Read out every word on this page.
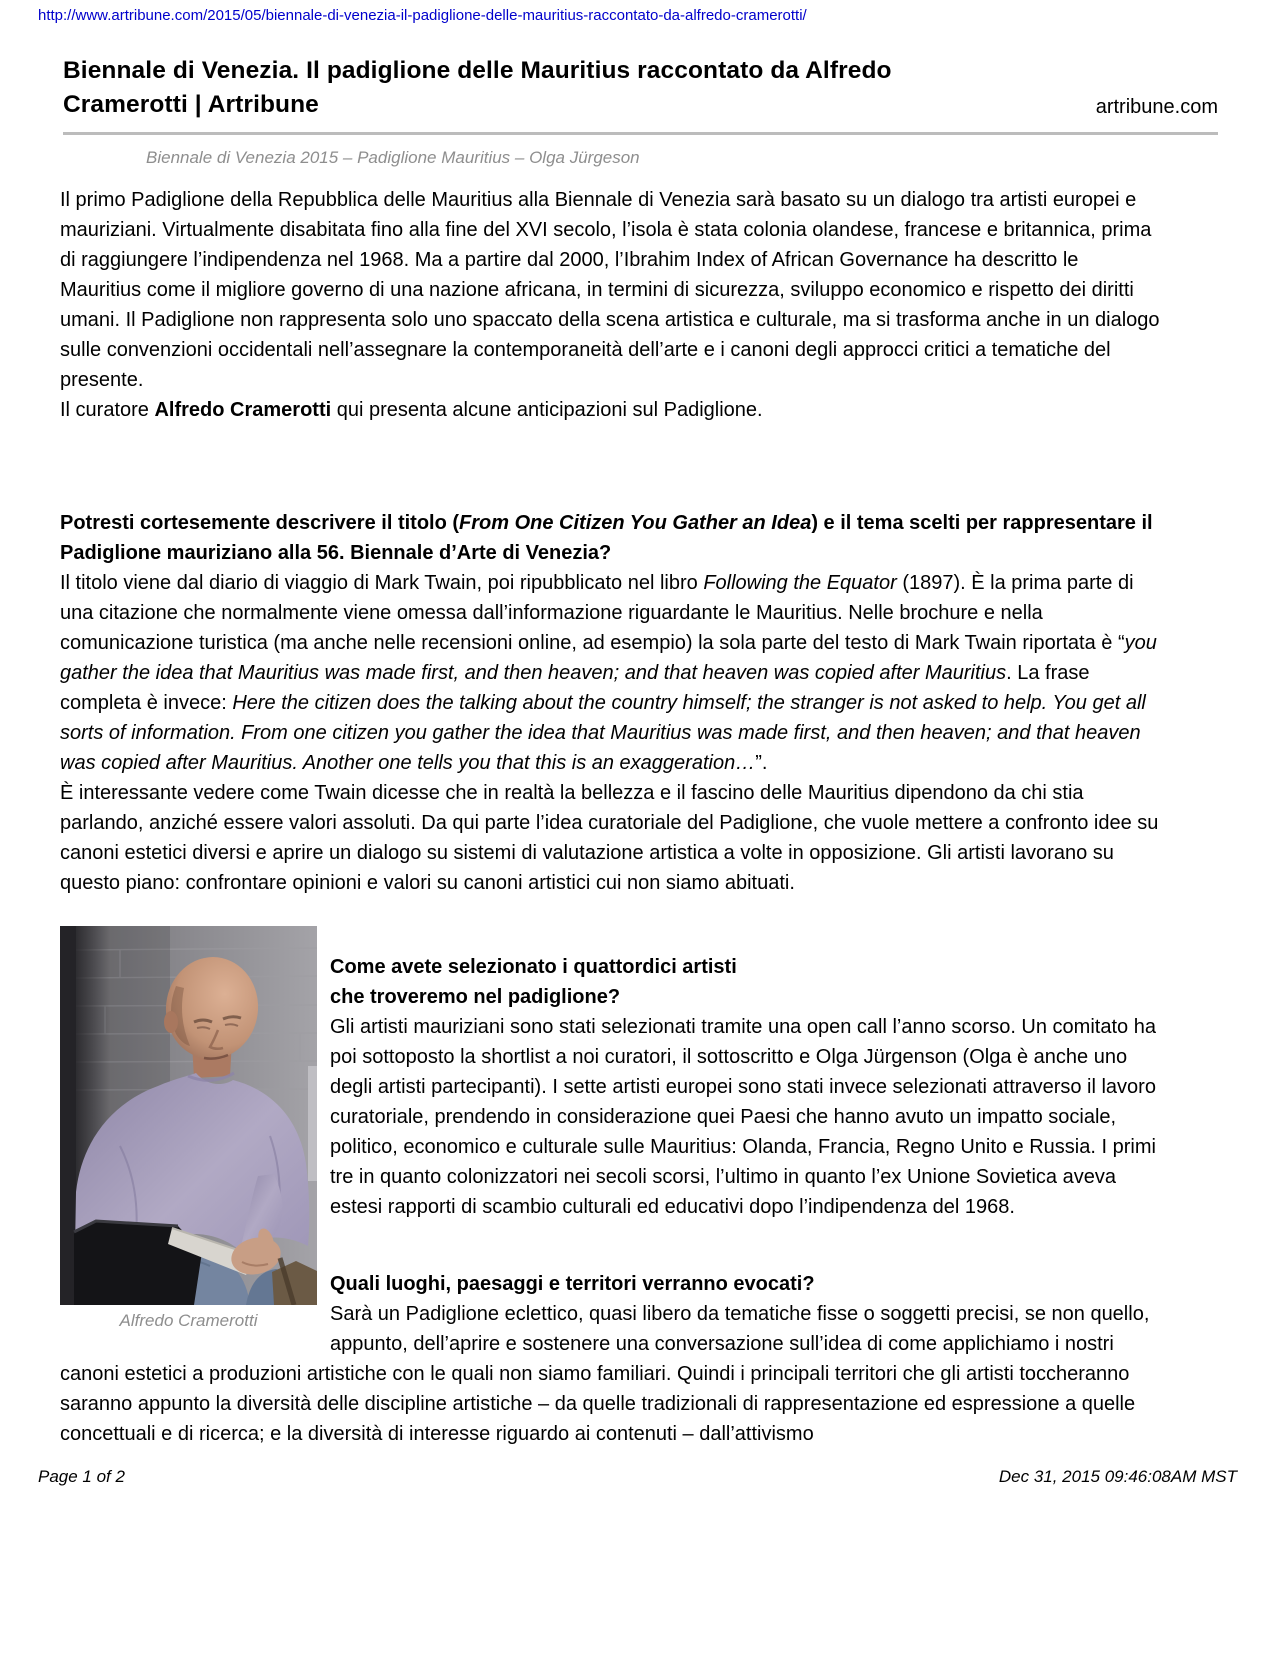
http://www.artribune.com/2015/05/biennale-di-venezia-il-padiglione-delle-mauritius-raccontato-da-alfredo-cramerotti/
Biennale di Venezia. Il padiglione delle Mauritius raccontato da Alfredo Cramerotti | Artribune	artribune.com
Biennale di Venezia 2015 – Padiglione Mauritius – Olga Jürgeson

Il primo Padiglione della Repubblica delle Mauritius alla Biennale di Venezia sarà basato su un dialogo tra artisti europei e mauriziani. Virtualmente disabitata fino alla fine del XVI secolo, l’isola è stata colonia olandese, francese e britannica, prima di raggiungere l’indipendenza nel 1968. Ma a partire dal 2000, l’Ibrahim Index of African Governance ha descritto le Mauritius come il migliore governo di una nazione africana, in termini di sicurezza, sviluppo economico e rispetto dei diritti umani. Il Padiglione non rappresenta solo uno spaccato della scena artistica e culturale, ma si trasforma anche in un dialogo sulle convenzioni occidentali nell’assegnare la contemporaneità dell’arte e i canoni degli approcci critici a tematiche del presente.

Il curatore Alfredo Cramerotti qui presenta alcune anticipazioni sul Padiglione.

Potresti cortesemente descrivere il titolo (From One Citizen You Gather an Idea) e il tema scelti per rappresentare il Padiglione mauriziano alla 56. Biennale d’Arte di Venezia?

Il titolo viene dal diario di viaggio di Mark Twain, poi ripubblicato nel libro Following the Equator (1897). È la prima parte di una citazione che normalmente viene omessa dall’informazione riguardante le Mauritius. Nelle brochure e nella comunicazione turistica (ma anche nelle recensioni online, ad esempio) la sola parte del testo di Mark Twain riportata è “you gather the idea that Mauritius was made first, and then heaven; and that heaven was copied after Mauritius. La frase completa è invece: Here the citizen does the talking about the country himself; the stranger is not asked to help. You get all sorts of information. From one citizen you gather the idea that Mauritius was made first, and then heaven; and that heaven was copied after Mauritius. Another one tells you that this is an exaggeration…”.

È interessante vedere come Twain dicesse che in realtà la bellezza e il fascino delle Mauritius dipendono da chi stia parlando, anziché essere valori assoluti. Da qui parte l’idea curatoriale del Padiglione, che vuole mettere a confronto idee su canoni estetici diversi e aprire un dialogo su sistemi di valutazione artistica a volte in opposizione. Gli artisti lavorano su questo piano: confrontare opinioni e valori su canoni artistici cui non siamo abituati.

Alfredo Cramerotti

Come avete selezionato i quattordici artisti che troveremo nel padiglione?

Gli artisti mauriziani sono stati selezionati tramite una open call l’anno scorso. Un comitato ha poi sottoposto la shortlist a noi curatori, il sottoscritto e Olga Jürgenson (Olga è anche uno degli artisti partecipanti). I sette artisti europei sono stati invece selezionati attraverso il lavoro curatoriale, prendendo in considerazione quei Paesi che hanno avuto un impatto sociale, politico, economico e culturale sulle Mauritius: Olanda, Francia, Regno Unito e Russia. I primi tre in quanto colonizzatori nei secoli scorsi, l’ultimo in quanto l’ex Unione Sovietica aveva estesi rapporti di scambio culturali ed educativi dopo l’indipendenza del 1968.

Quali luoghi, paesaggi e territori verranno evocati?

Sarà un Padiglione eclettico, quasi libero da tematiche fisse o soggetti precisi, se non quello, appunto, dell’aprire e sostenere una conversazione sull’idea di come applichiamo i nostri canoni estetici a produzioni artistiche con le quali non siamo familiari. Quindi i principali territori che gli artisti toccheranno saranno appunto la diversità delle discipline artistiche – da quelle tradizionali di rappresentazione ed espressione a quelle concettuali e di ricerca; e la diversità di interesse riguardo ai contenuti – dall’attivismo

Page 1 of 2	Dec 31, 2015 09:46:08AM MST
